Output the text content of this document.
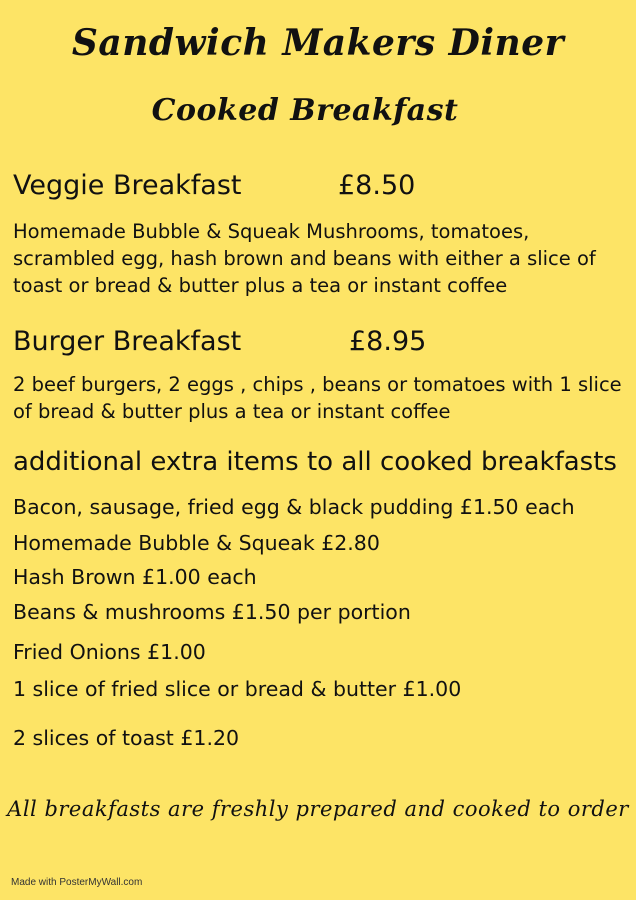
Sandwich Makers Diner
Cooked Breakfast
Veggie Breakfast	£8.50

Homemade Bubble & Squeak Mushrooms, tomatoes, scrambled egg, hash brown and beans with either a slice of toast or bread & butter plus a tea or instant coffee

Burger Breakfast	£8.95

2 beef burgers, 2 eggs , chips , beans or tomatoes with 1 slice of bread & butter plus a tea or instant coffee

additional extra items to all cooked breakfasts
Bacon, sausage, fried egg & black pudding £1.50 each
Homemade Bubble & Squeak £2.80
Hash Brown £1.00 each
Beans & mushrooms £1.50 per portion
Fried Onions £1.00
1 slice of fried slice or bread & butter £1.00
2 slices of toast £1.20
All breakfasts are freshly prepared and cooked to order
Made with PosterMyWall.com
